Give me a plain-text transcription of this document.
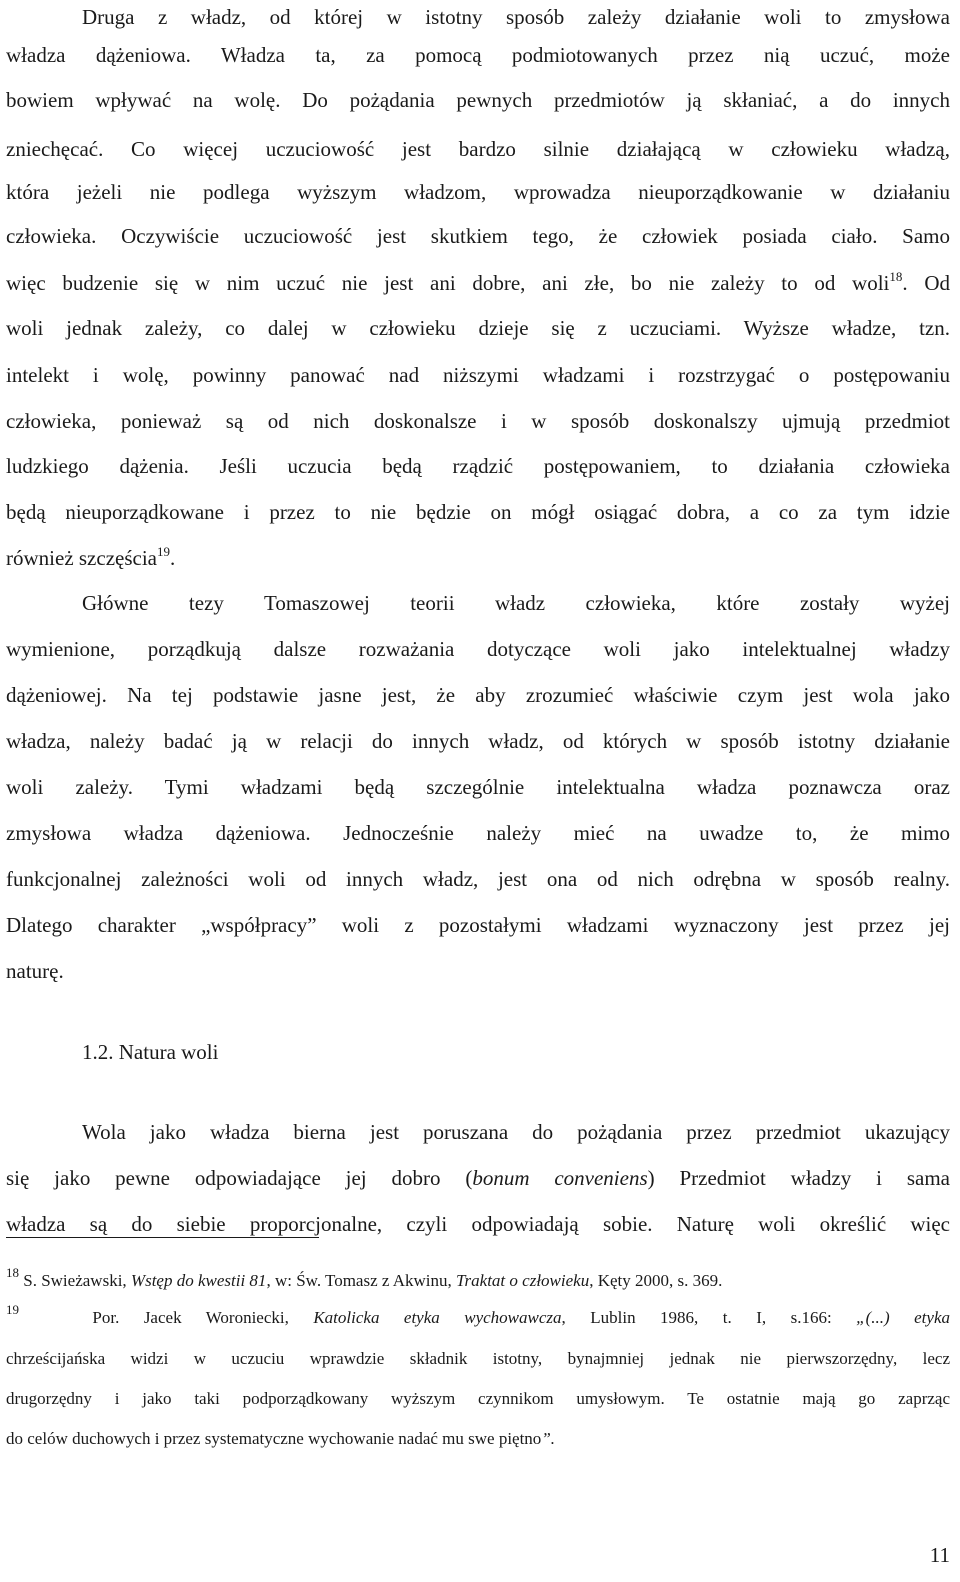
Druga z władz, od której w istotny sposób zależy działanie woli to zmysłowa
władza dążeniowa. Władza ta, za pomocą podmiotowanych przez nią uczuć, może
bowiem wpływać na wolę. Do pożądania pewnych przedmiotów ją skłaniać, a do innych
zniechęcać. Co więcej uczuciowość jest bardzo silnie działającą w człowieku władzą,
która jeżeli nie podlega wyższym władzom, wprowadza nieuporządkowanie w działaniu
człowieka. Oczywiście uczuciowość jest skutkiem tego, że człowiek posiada ciało. Samo
więc budzenie się w nim uczuć nie jest ani dobre, ani złe, bo nie zależy to od woli$^{18}$. Od
woli jednak zależy, co dalej w człowieku dzieje się z uczuciami. Wyższe władze, tzn.
intelekt i wolę, powinny panować nad niższymi władzami i rozstrzygać o postępowaniu
człowieka, ponieważ są od nich doskonalsze i w sposób doskonalszy ujmują przedmiot
ludzkiego dążenia. Jeśli uczucia będą rządzić postępowaniem, to działania człowieka
będą nieuporządkowane i przez to nie będzie on mógł osiągać dobra, a co za tym idzie
również szczęścia$^{19}$.
Główne tezy Tomaszowej teorii władz człowieka, które zostały wyżej
wymienione, porządkują dalsze rozważania dotyczące woli jako intelektualnej władzy
dążeniowej. Na tej podstawie jasne jest, że aby zrozumieć właściwie czym jest wola jako
władza, należy badać ją w relacji do innych władz, od których w sposób istotny działanie
woli zależy. Tymi władzami będą szczególnie intelektualna władza poznawcza oraz
zmysłowa władza dążeniowa. Jednocześnie należy mieć na uwadze to, że mimo
funkcjonalnej zależności woli od innych władz, jest ona od nich odrębna w sposób realny.
Dlatego charakter „współpracy” woli z pozostałymi władzami wyznaczony jest przez jej
naturę.
1.2. Natura woli
Wola jako władza bierna jest poruszana do pożądania przez przedmiot ukazujący
się jako pewne odpowiadające jej dobro (bonum conveniens) Przedmiot władzy i sama
władza są do siebie proporcjonalne, czyli odpowiadają sobie. Naturę woli określić więc
$^{18}$ S. Swieżawski, Wstęp do kwestii 81, w: Św. Tomasz z Akwinu, Traktat o człowieku, Kęty 2000, s. 369.
$^{19}$	Por. Jacek Woroniecki, Katolicka etyka wychowawcza, Lublin 1986, t. I, s.166: „(...) etyka
chrześcijańska widzi w uczuciu wprawdzie składnik istotny, bynajmniej jednak nie pierwszorzędny, lecz
drugorzędny i jako taki podporządkowany wyższym czynnikom umysłowym. Te ostatnie mają go zaprząc
do celów duchowych i przez systematyczne wychowanie nadać mu swe piętno”.
11
